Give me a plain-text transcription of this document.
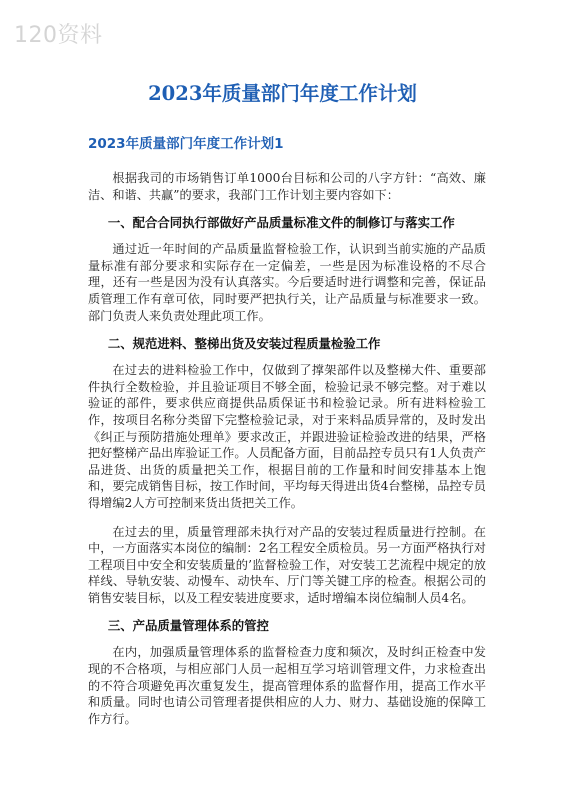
120资料
2023年质量部门年度工作计划
2023年质量部门年度工作计划1

根据我司的市场销售订单1000台目标和公司的八字方针：“高效、廉洁、和谐、共赢”的要求，我部门工作计划主要内容如下：

一、配合合同执行部做好产品质量标准文件的制修订与落实工作

通过近一年时间的产品质量监督检验工作，认识到当前实施的产品质量标准有部分要求和实际存在一定偏差，一些是因为标准设格的不尽合理，还有一些是因为没有认真落实。今后要适时进行调整和完善，保证品质管理工作有章可依，同时要严把执行关，让产品质量与标准要求一致。部门负责人来负责处理此项工作。

二、规范进料、整梯出货及安装过程质量检验工作

在过去的进料检验工作中，仅做到了撑架部件以及整梯大件、重要部件执行全数检验，并且验证项目不够全面，检验记录不够完整。对于难以验证的部件，要求供应商提供品质保证书和检验记录。所有进料检验工作，按项目名称分类留下完整检验记录，对于来料品质异常的，及时发出《纠正与预防措施处理单》要求改正，并跟进验证检验改进的结果，严格把好整梯产品出库验证工作。人员配备方面，目前品控专员只有1人负责产品进货、出货的质量把关工作，根据目前的工作量和时间安排基本上饱和，要完成销售目标，按工作时间，平均每天得进出货4台整梯，品控专员得增编2人方可控制来货出货把关工作。

在过去的里，质量管理部未执行对产品的安装过程质量进行控制。在中，一方面落实本岗位的编制：2名工程安全质检员。另一方面严格执行对工程项目中安全和安装质量的’监督检验工作，对安装工艺流程中规定的放样线、导轨安装、动慢车、动快车、厅门等关键工序的检查。根据公司的销售安装目标，以及工程安装进度要求，适时增编本岗位编制人员4名。

三、产品质量管理体系的管控

在内，加强质量管理体系的监督检查力度和频次，及时纠正检查中发现的不合格项，与相应部门人员一起相互学习培训管理文件，力求检查出的不符合项避免再次重复发生，提高管理体系的监督作用，提高工作水平和质量。同时也请公司管理者提供相应的人力、财力、基础设施的保障工作方行。
